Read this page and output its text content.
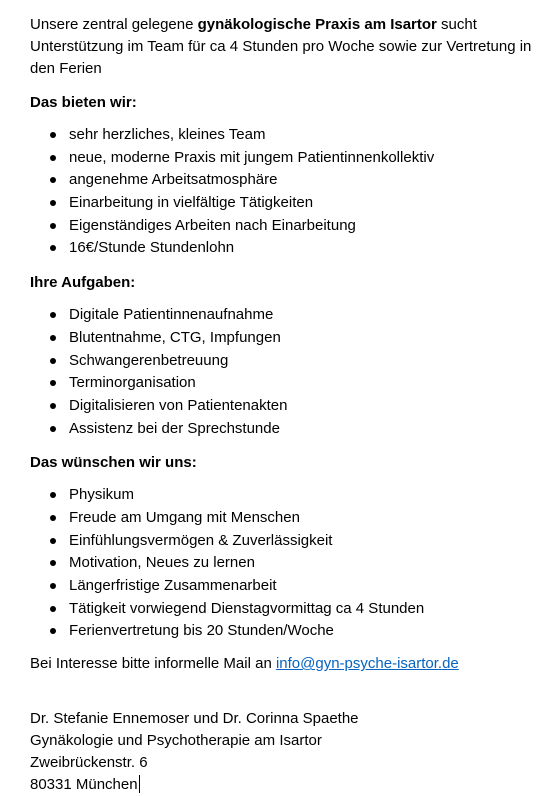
Unsere zentral gelegene gynäkologische Praxis am Isartor sucht Unterstützung im Team für ca 4 Stunden pro Woche sowie zur Vertretung in den Ferien

Das bieten wir:

sehr herzliches, kleines Team
neue, moderne Praxis mit jungem Patientinnenkollektiv
angenehme Arbeitsatmosphäre
Einarbeitung in vielfältige Tätigkeiten
Eigenständiges Arbeiten nach Einarbeitung
16€/Stunde Stundenlohn

Ihre Aufgaben:

Digitale Patientinnenaufnahme
Blutentnahme, CTG, Impfungen
Schwangerenbetreuung
Terminorganisation
Digitalisieren von Patientenakten
Assistenz bei der Sprechstunde

Das wünschen wir uns:

Physikum
Freude am Umgang mit Menschen
Einfühlungsvermögen & Zuverlässigkeit
Motivation, Neues zu lernen
Längerfristige Zusammenarbeit
Tätigkeit vorwiegend Dienstagvormittag ca 4 Stunden
Ferienvertretung bis 20 Stunden/Woche

Bei Interesse bitte informelle Mail an info@gyn-psyche-isartor.de

Dr. Stefanie Ennemoser und Dr. Corinna Spaethe
Gynäkologie und Psychotherapie am Isartor
Zweibrückenstr. 6
80331 München
